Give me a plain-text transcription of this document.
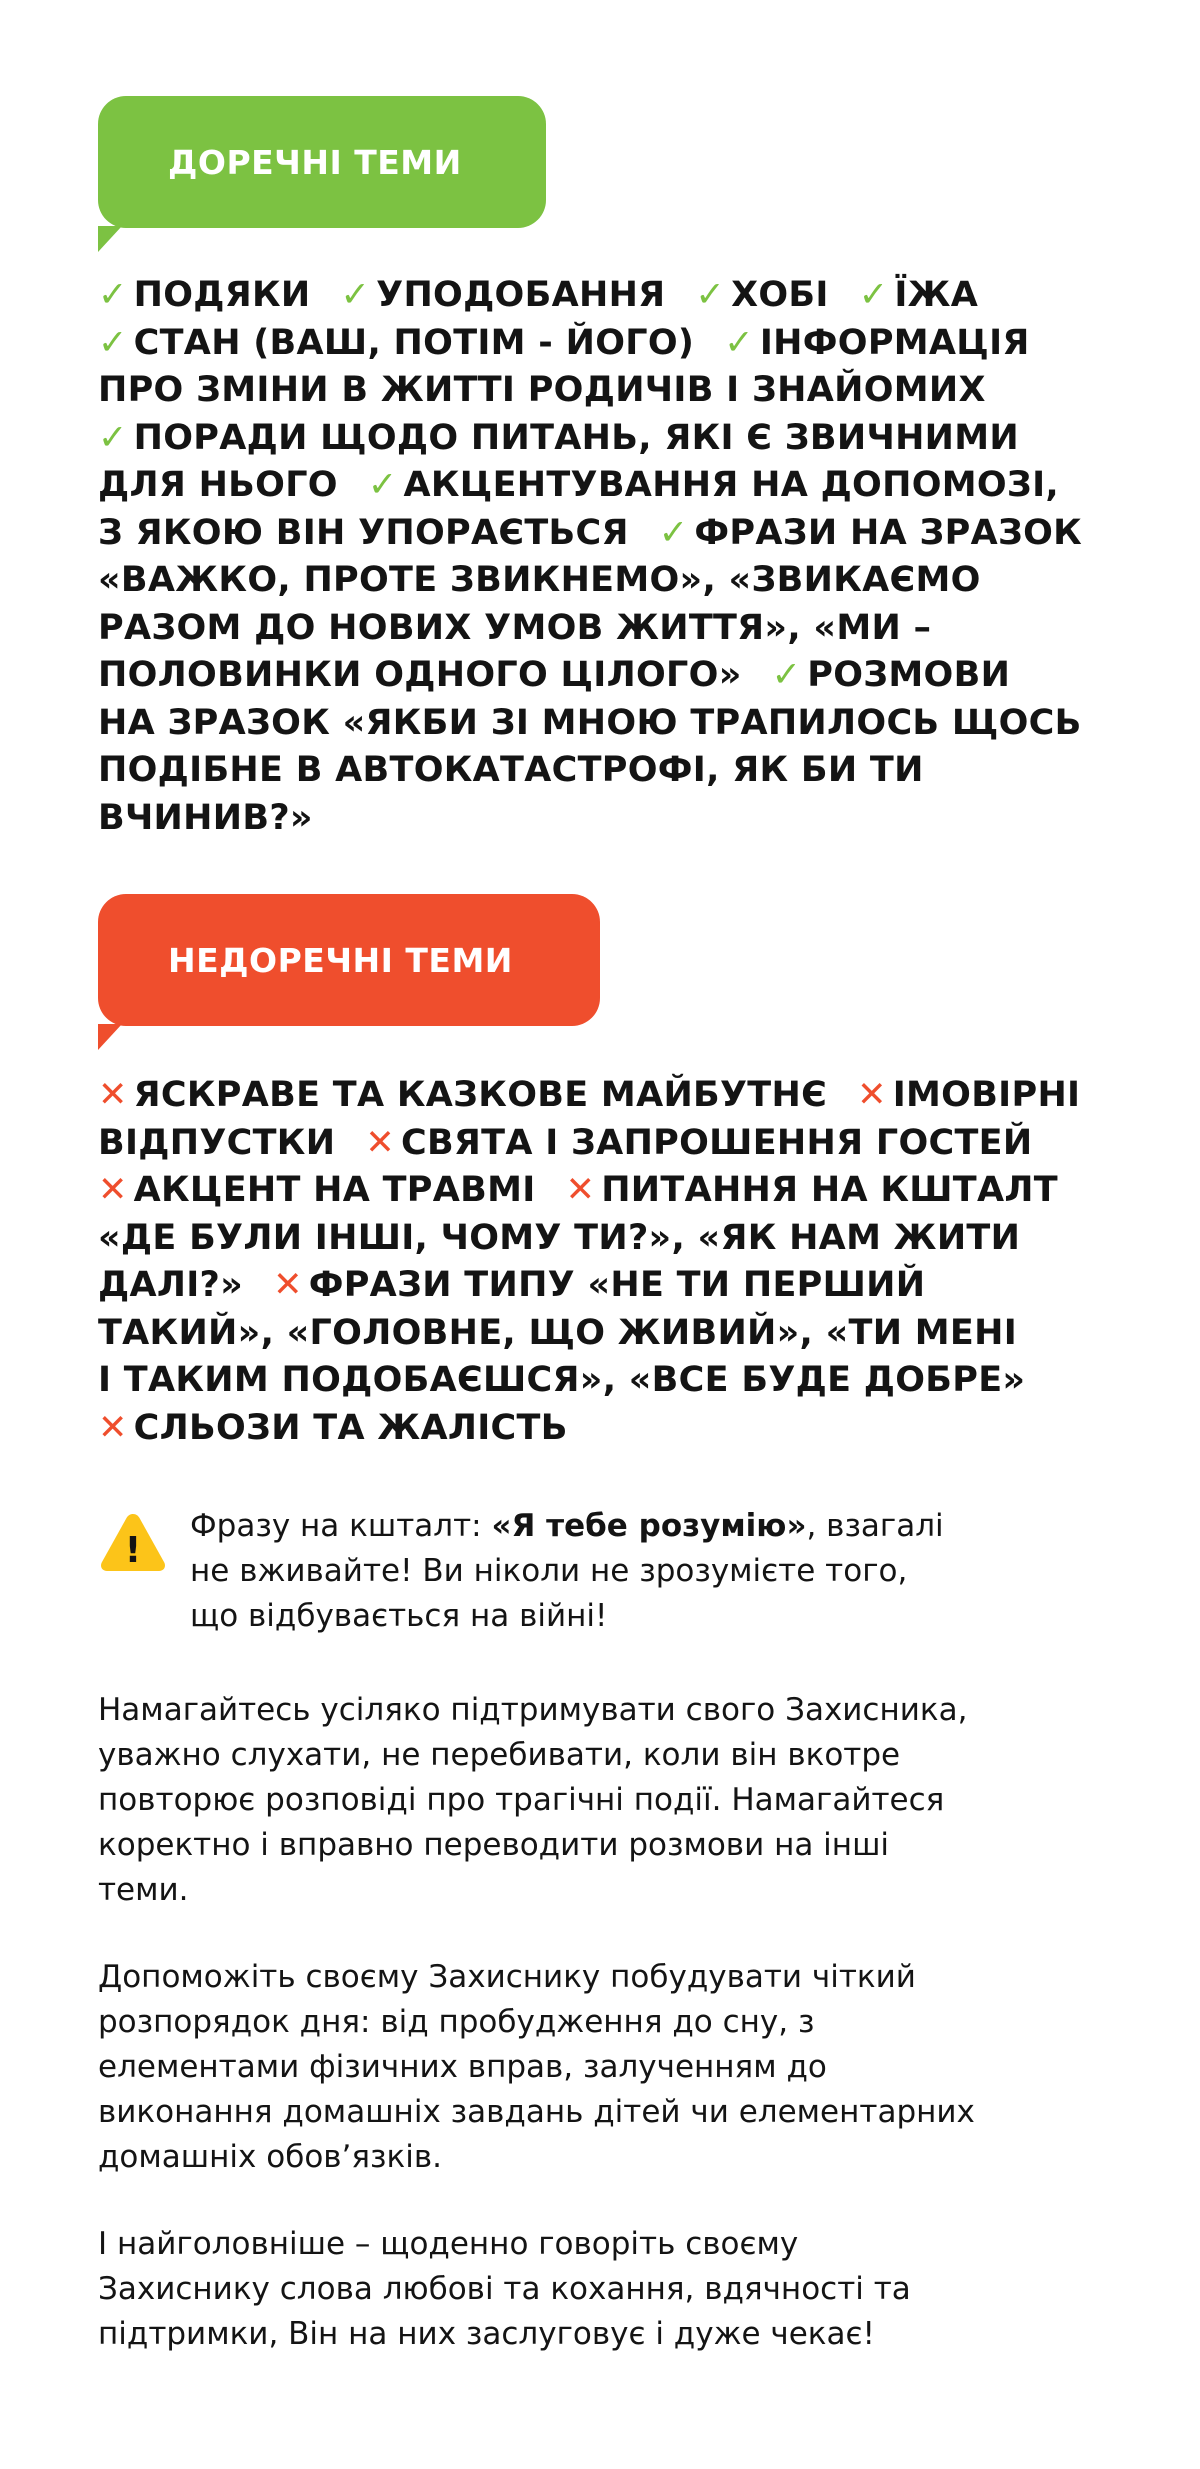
ДОРЕЧНІ ТЕМИ
✓ ПОДЯКИ ✓ УПОДОБАННЯ ✓ ХОБІ ✓ ЇЖА
✓ СТАН (ВАШ, ПОТІМ - ЙОГО) ✓ ІНФОРМАЦІЯ
ПРО ЗМІНИ В ЖИТТІ РОДИЧІВ І ЗНАЙОМИХ
✓ ПОРАДИ ЩОДО ПИТАНЬ, ЯКІ Є ЗВИЧНИМИ
ДЛЯ НЬОГО ✓ АКЦЕНТУВАННЯ НА ДОПОМОЗІ,
З ЯКОЮ ВІН УПОРАЄТЬСЯ ✓ ФРАЗИ НА ЗРАЗОК
«ВАЖКО, ПРОТЕ ЗВИКНЕМО», «ЗВИКАЄМО
РАЗОМ ДО НОВИХ УМОВ ЖИТТЯ», «МИ –
ПОЛОВИНКИ ОДНОГО ЦІЛОГО» ✓ РОЗМОВИ
НА ЗРАЗОК «ЯКБИ ЗІ МНОЮ ТРАПИЛОСЬ ЩОСЬ
ПОДІБНЕ В АВТОКАТАСТРОФІ, ЯК БИ ТИ
ВЧИНИВ?»
НЕДОРЕЧНІ ТЕМИ
✕ ЯСКРАВЕ ТА КАЗКОВЕ МАЙБУТНЄ ✕ ІМОВІРНІ
ВІДПУСТКИ ✕ СВЯТА І ЗАПРОШЕННЯ ГОСТЕЙ
✕ АКЦЕНТ НА ТРАВМІ ✕ ПИТАННЯ НА КШТАЛТ
«ДЕ БУЛИ ІНШІ, ЧОМУ ТИ?», «ЯК НАМ ЖИТИ
ДАЛІ?» ✕ ФРАЗИ ТИПУ «НЕ ТИ ПЕРШИЙ
ТАКИЙ», «ГОЛОВНЕ, ЩО ЖИВИЙ», «ТИ МЕНІ
І ТАКИМ ПОДОБАЄШСЯ», «ВСЕ БУДЕ ДОБРЕ»
✕ СЛЬОЗИ ТА ЖАЛІСТЬ
!
Фразу на кшталт: «Я тебе розумію», взагалі
не вживайте! Ви ніколи не зрозумієте того,
що відбувається на війні!
Намагайтесь усіляко підтримувати свого Захисника,
уважно слухати, не перебивати, коли він вкотре
повторює розповіді про трагічні події. Намагайтеся
коректно і вправно переводити розмови на інші
теми.
Допоможіть своєму Захиснику побудувати чіткий
розпорядок дня: від пробудження до сну, з
елементами фізичних вправ, залученням до
виконання домашніх завдань дітей чи елементарних
домашніх обов’язків.
І найголовніше – щоденно говоріть своєму
Захиснику слова любові та кохання, вдячності та
підтримки, Він на них заслуговує і дуже чекає!
